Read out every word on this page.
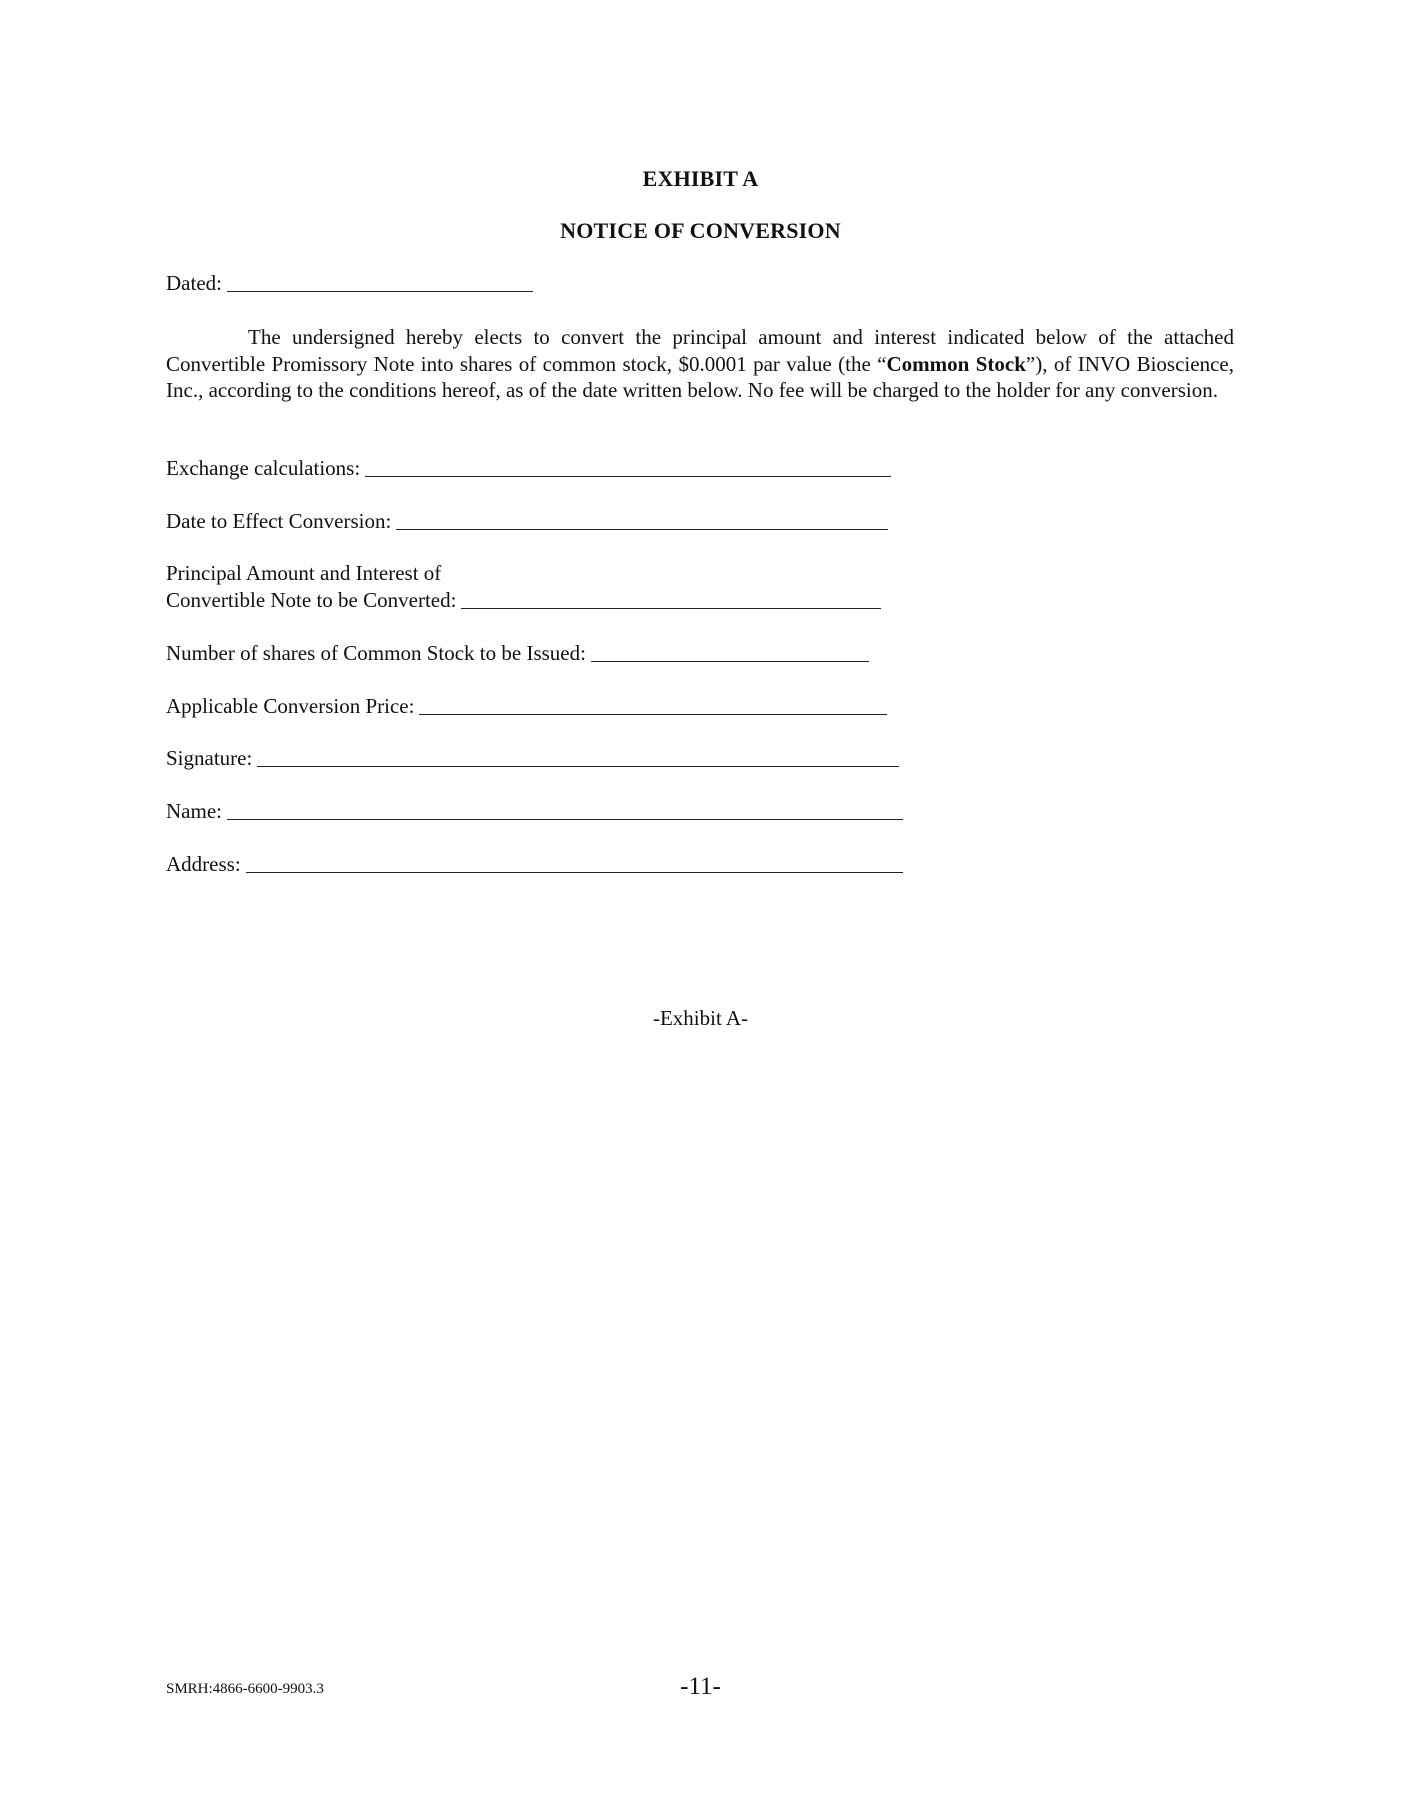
EXHIBIT A
NOTICE OF CONVERSION
Dated:
The undersigned hereby elects to convert the principal amount and interest indicated below of the attached Convertible Promissory Note into shares of common stock, $0.0001 par value (the “Common Stock”), of INVO Bioscience, Inc., according to the conditions hereof, as of the date written below. No fee will be charged to the holder for any conversion.
Exchange calculations:
Date to Effect Conversion:
Principal Amount and Interest of
Convertible Note to be Converted:
Number of shares of Common Stock to be Issued:
Applicable Conversion Price:
Signature:
Name:
Address:
-Exhibit A-
SMRH:4866-6600-9903.3	-11-
